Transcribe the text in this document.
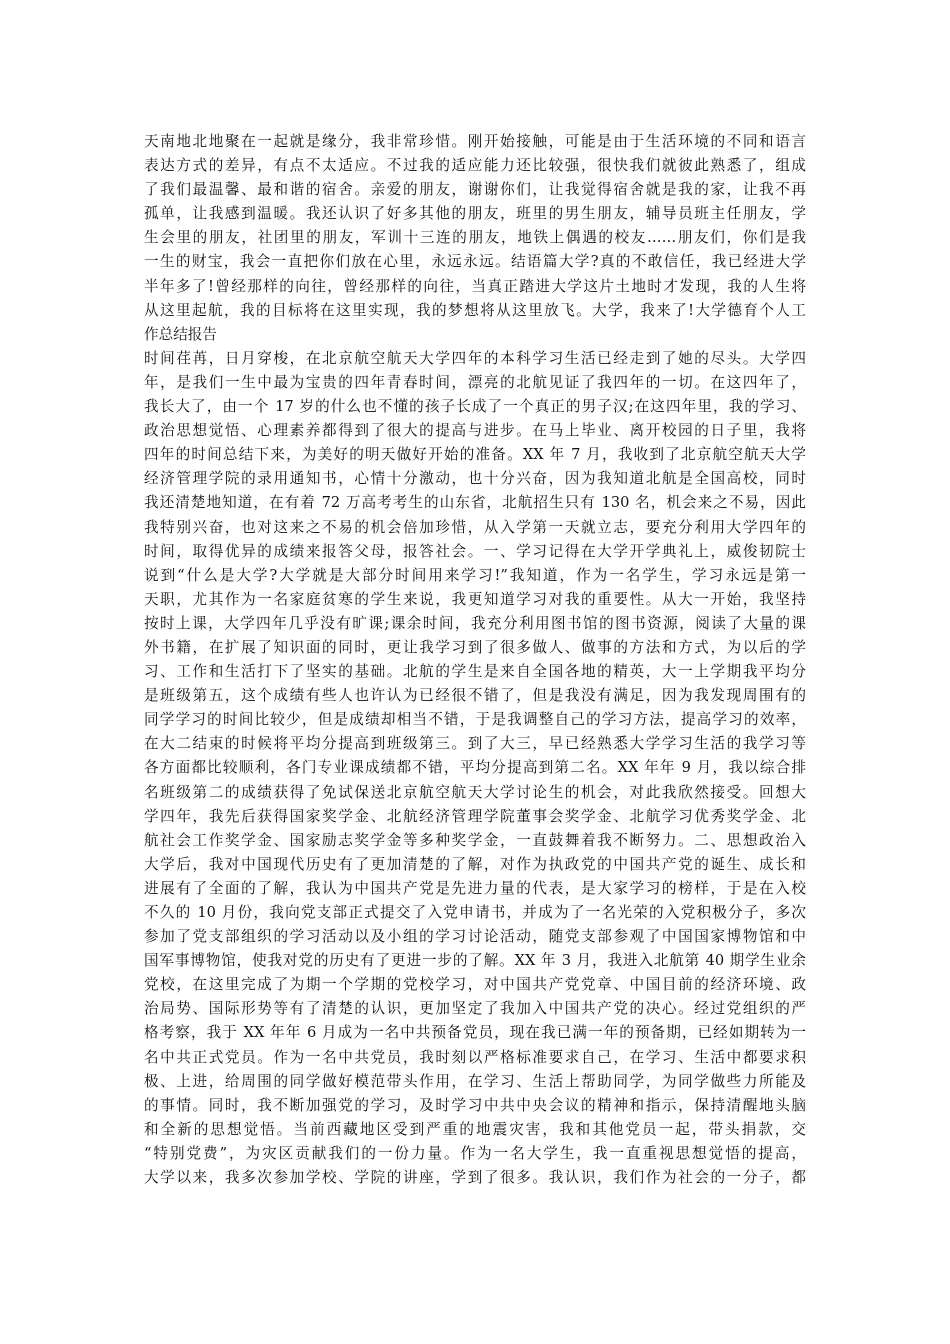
天南地北地聚在一起就是缘分，我非常珍惜。刚开始接触，可能是由于生活环境的不同和语言
表达方式的差异，有点不太适应。不过我的适应能力还比较强，很快我们就彼此熟悉了，组成
了我们最温馨、最和谐的宿舍。亲爱的朋友，谢谢你们，让我觉得宿舍就是我的家，让我不再
孤单，让我感到温暖。我还认识了好多其他的朋友，班里的男生朋友，辅导员班主任朋友，学
生会里的朋友，社团里的朋友，军训十三连的朋友，地铁上偶遇的校友……朋友们，你们是我
一生的财宝，我会一直把你们放在心里，永远永远。结语篇大学?真的不敢信任，我已经进大学
半年多了!曾经那样的向往，曾经那样的向往，当真正踏进大学这片土地时才发现，我的人生将
从这里起航，我的目标将在这里实现，我的梦想将从这里放飞。大学，我来了!大学德育个人工
作总结报告
时间荏苒，日月穿梭，在北京航空航天大学四年的本科学习生活已经走到了她的尽头。大学四
年，是我们一生中最为宝贵的四年青春时间，漂亮的北航见证了我四年的一切。在这四年了，
我长大了，由一个 17 岁的什么也不懂的孩子长成了一个真正的男子汉;在这四年里，我的学习、
政治思想觉悟、心理素养都得到了很大的提高与进步。在马上毕业、离开校园的日子里，我将
四年的时间总结下来，为美好的明天做好开始的准备。XX 年 7 月，我收到了北京航空航天大学
经济管理学院的录用通知书，心情十分激动，也十分兴奋，因为我知道北航是全国高校，同时
我还清楚地知道，在有着 72 万高考考生的山东省，北航招生只有 130 名，机会来之不易，因此
我特别兴奋，也对这来之不易的机会倍加珍惜，从入学第一天就立志，要充分利用大学四年的
时间，取得优异的成绩来报答父母，报答社会。一、学习记得在大学开学典礼上，威俊韧院士
说到“什么是大学?大学就是大部分时间用来学习!”我知道，作为一名学生，学习永远是第一
天职，尤其作为一名家庭贫寒的学生来说，我更知道学习对我的重要性。从大一开始，我坚持
按时上课，大学四年几乎没有旷课;课余时间，我充分利用图书馆的图书资源，阅读了大量的课
外书籍，在扩展了知识面的同时，更让我学习到了很多做人、做事的方法和方式，为以后的学
习、工作和生活打下了坚实的基础。北航的学生是来自全国各地的精英，大一上学期我平均分
是班级第五，这个成绩有些人也许认为已经很不错了，但是我没有满足，因为我发现周围有的
同学学习的时间比较少，但是成绩却相当不错，于是我调整自己的学习方法，提高学习的效率，
在大二结束的时候将平均分提高到班级第三。到了大三，早已经熟悉大学学习生活的我学习等
各方面都比较顺利，各门专业课成绩都不错，平均分提高到第二名。XX 年年 9 月，我以综合排
名班级第二的成绩获得了免试保送北京航空航天大学讨论生的机会，对此我欣然接受。回想大
学四年，我先后获得国家奖学金、北航经济管理学院董事会奖学金、北航学习优秀奖学金、北
航社会工作奖学金、国家励志奖学金等多种奖学金，一直鼓舞着我不断努力。二、思想政治入
大学后，我对中国现代历史有了更加清楚的了解，对作为执政党的中国共产党的诞生、成长和
进展有了全面的了解，我认为中国共产党是先进力量的代表，是大家学习的榜样，于是在入校
不久的 10 月份，我向党支部正式提交了入党申请书，并成为了一名光荣的入党积极分子，多次
参加了党支部组织的学习活动以及小组的学习讨论活动，随党支部参观了中国国家博物馆和中
国军事博物馆，使我对党的历史有了更进一步的了解。XX 年 3 月，我进入北航第 40 期学生业余
党校，在这里完成了为期一个学期的党校学习，对中国共产党党章、中国目前的经济环境、政
治局势、国际形势等有了清楚的认识，更加坚定了我加入中国共产党的决心。经过党组织的严
格考察，我于 XX 年年 6 月成为一名中共预备党员，现在我已满一年的预备期，已经如期转为一
名中共正式党员。作为一名中共党员，我时刻以严格标准要求自己，在学习、生活中都要求积
极、上进，给周围的同学做好模范带头作用，在学习、生活上帮助同学，为同学做些力所能及
的事情。同时，我不断加强党的学习，及时学习中共中央会议的精神和指示，保持清醒地头脑
和全新的思想觉悟。当前西藏地区受到严重的地震灾害，我和其他党员一起，带头捐款，交
“特别党费”，为灾区贡献我们的一份力量。作为一名大学生，我一直重视思想觉悟的提高，
大学以来，我多次参加学校、学院的讲座，学到了很多。我认识，我们作为社会的一分子，都
